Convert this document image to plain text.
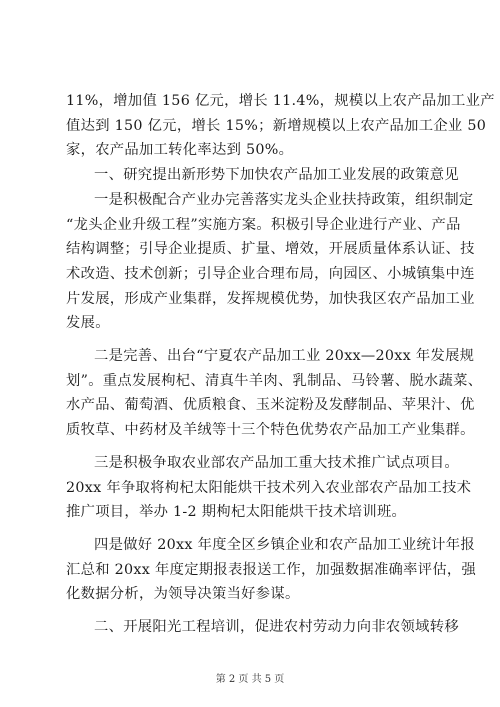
11%，增加值 156 亿元，增长 11.4%，规模以上农产品加工业产
值达到 150 亿元，增长 15%；新增规模以上农产品加工企业 50
家，农产品加工转化率达到 50%。

一、研究提出新形势下加快农产品加工业发展的政策意见

一是积极配合产业办完善落实龙头企业扶持政策，组织制定
“龙头企业升级工程”实施方案。积极引导企业进行产业、产品
结构调整；引导企业提质、扩量、增效，开展质量体系认证、技
术改造、技术创新；引导企业合理布局，向园区、小城镇集中连
片发展，形成产业集群，发挥规模优势，加快我区农产品加工业
发展。

二是完善、出台“宁夏农产品加工业 20xx—20xx 年发展规
划”。重点发展枸杞、清真牛羊肉、乳制品、马铃薯、脱水蔬菜、
水产品、葡萄酒、优质粮食、玉米淀粉及发酵制品、苹果汁、优
质牧草、中药材及羊绒等十三个特色优势农产品加工产业集群。

三是积极争取农业部农产品加工重大技术推广试点项目。
20xx 年争取将枸杞太阳能烘干技术列入农业部农产品加工技术
推广项目，举办 1-2 期枸杞太阳能烘干技术培训班。

四是做好 20xx 年度全区乡镇企业和农产品加工业统计年报
汇总和 20xx 年度定期报表报送工作，加强数据准确率评估，强
化数据分析，为领导决策当好参谋。

二、开展阳光工程培训，促进农村劳动力向非农领域转移

第 2 页 共 5 页
